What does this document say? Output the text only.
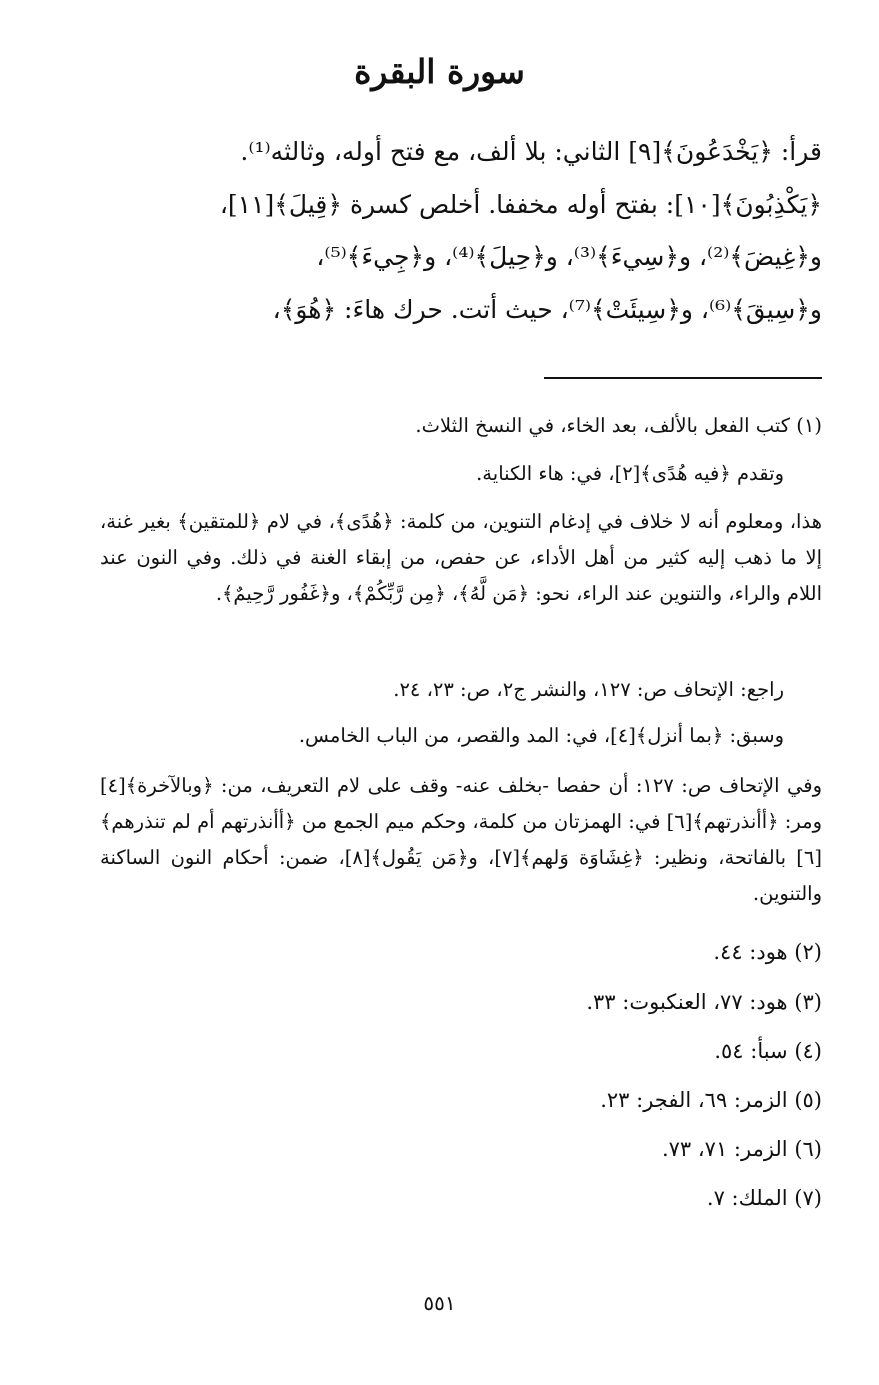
سورة البقرة
قرأ: ﴿يَخْدَعُونَ﴾[٩] الثاني: بلا ألف، مع فتح أوله، وثالثه⁽¹⁾.
﴿يَكْذِبُونَ﴾[١٠]: بفتح أوله مخففا. أخلص كسرة ﴿قِيلَ﴾[١١]،
و﴿غِيضَ﴾⁽²⁾، و﴿سِيءَ﴾⁽³⁾، و﴿حِيلَ﴾⁽⁴⁾، و﴿جِيءَ﴾⁽⁵⁾،
و﴿سِيقَ﴾⁽⁶⁾، و﴿سِيئَتْ﴾⁽⁷⁾، حيث أتت. حرك هاءَ: ﴿هُوَ﴾،

(١) كتب الفعل بالألف، بعد الخاء، في النسخ الثلاث.

وتقدم ﴿فيه هُدًى﴾[٢]، في: هاء الكناية.

هذا، ومعلوم أنه لا خلاف في إدغام التنوين، من كلمة: ﴿هُدًى﴾، في لام ﴿للمتقين﴾ بغير غنة، إلا ما ذهب إليه كثير من أهل الأداء، عن حفص، من إبقاء الغنة في ذلك. وفي النون عند اللام والراء، والتنوين عند الراء، نحو: ﴿مَن لَّهُ﴾، ﴿مِن رَّبِّكُمْ﴾، و﴿غَفُور رَّحِيمٌ﴾.

راجع: الإتحاف ص: ١٢٧، والنشر ج٢، ص: ٢٣، ٢٤.

وسبق: ﴿بما أنزل﴾[٤]، في: المد والقصر، من الباب الخامس.

وفي الإتحاف ص: ١٢٧: أن حفصا -بخلف عنه- وقف على لام التعريف، من: ﴿وبالآخرة﴾[٤] ومر: ﴿أأنذرتهم﴾[٦] في: الهمزتان من كلمة، وحكم ميم الجمع من ﴿أأنذرتهم أم لم تنذرهم﴾[٦] بالفاتحة، ونظير: ﴿غِشَاوَة وَلهم﴾[٧]، و﴿مَن يَقُول﴾[٨]، ضمن: أحكام النون الساكنة والتنوين.

(٢) هود: ٤٤.

(٣) هود: ٧٧، العنكبوت: ٣٣.

(٤) سبأ: ٥٤.

(٥) الزمر: ٦٩، الفجر: ٢٣.

(٦) الزمر: ٧١، ٧٣.

(٧) الملك: ٧.

٥٥١
